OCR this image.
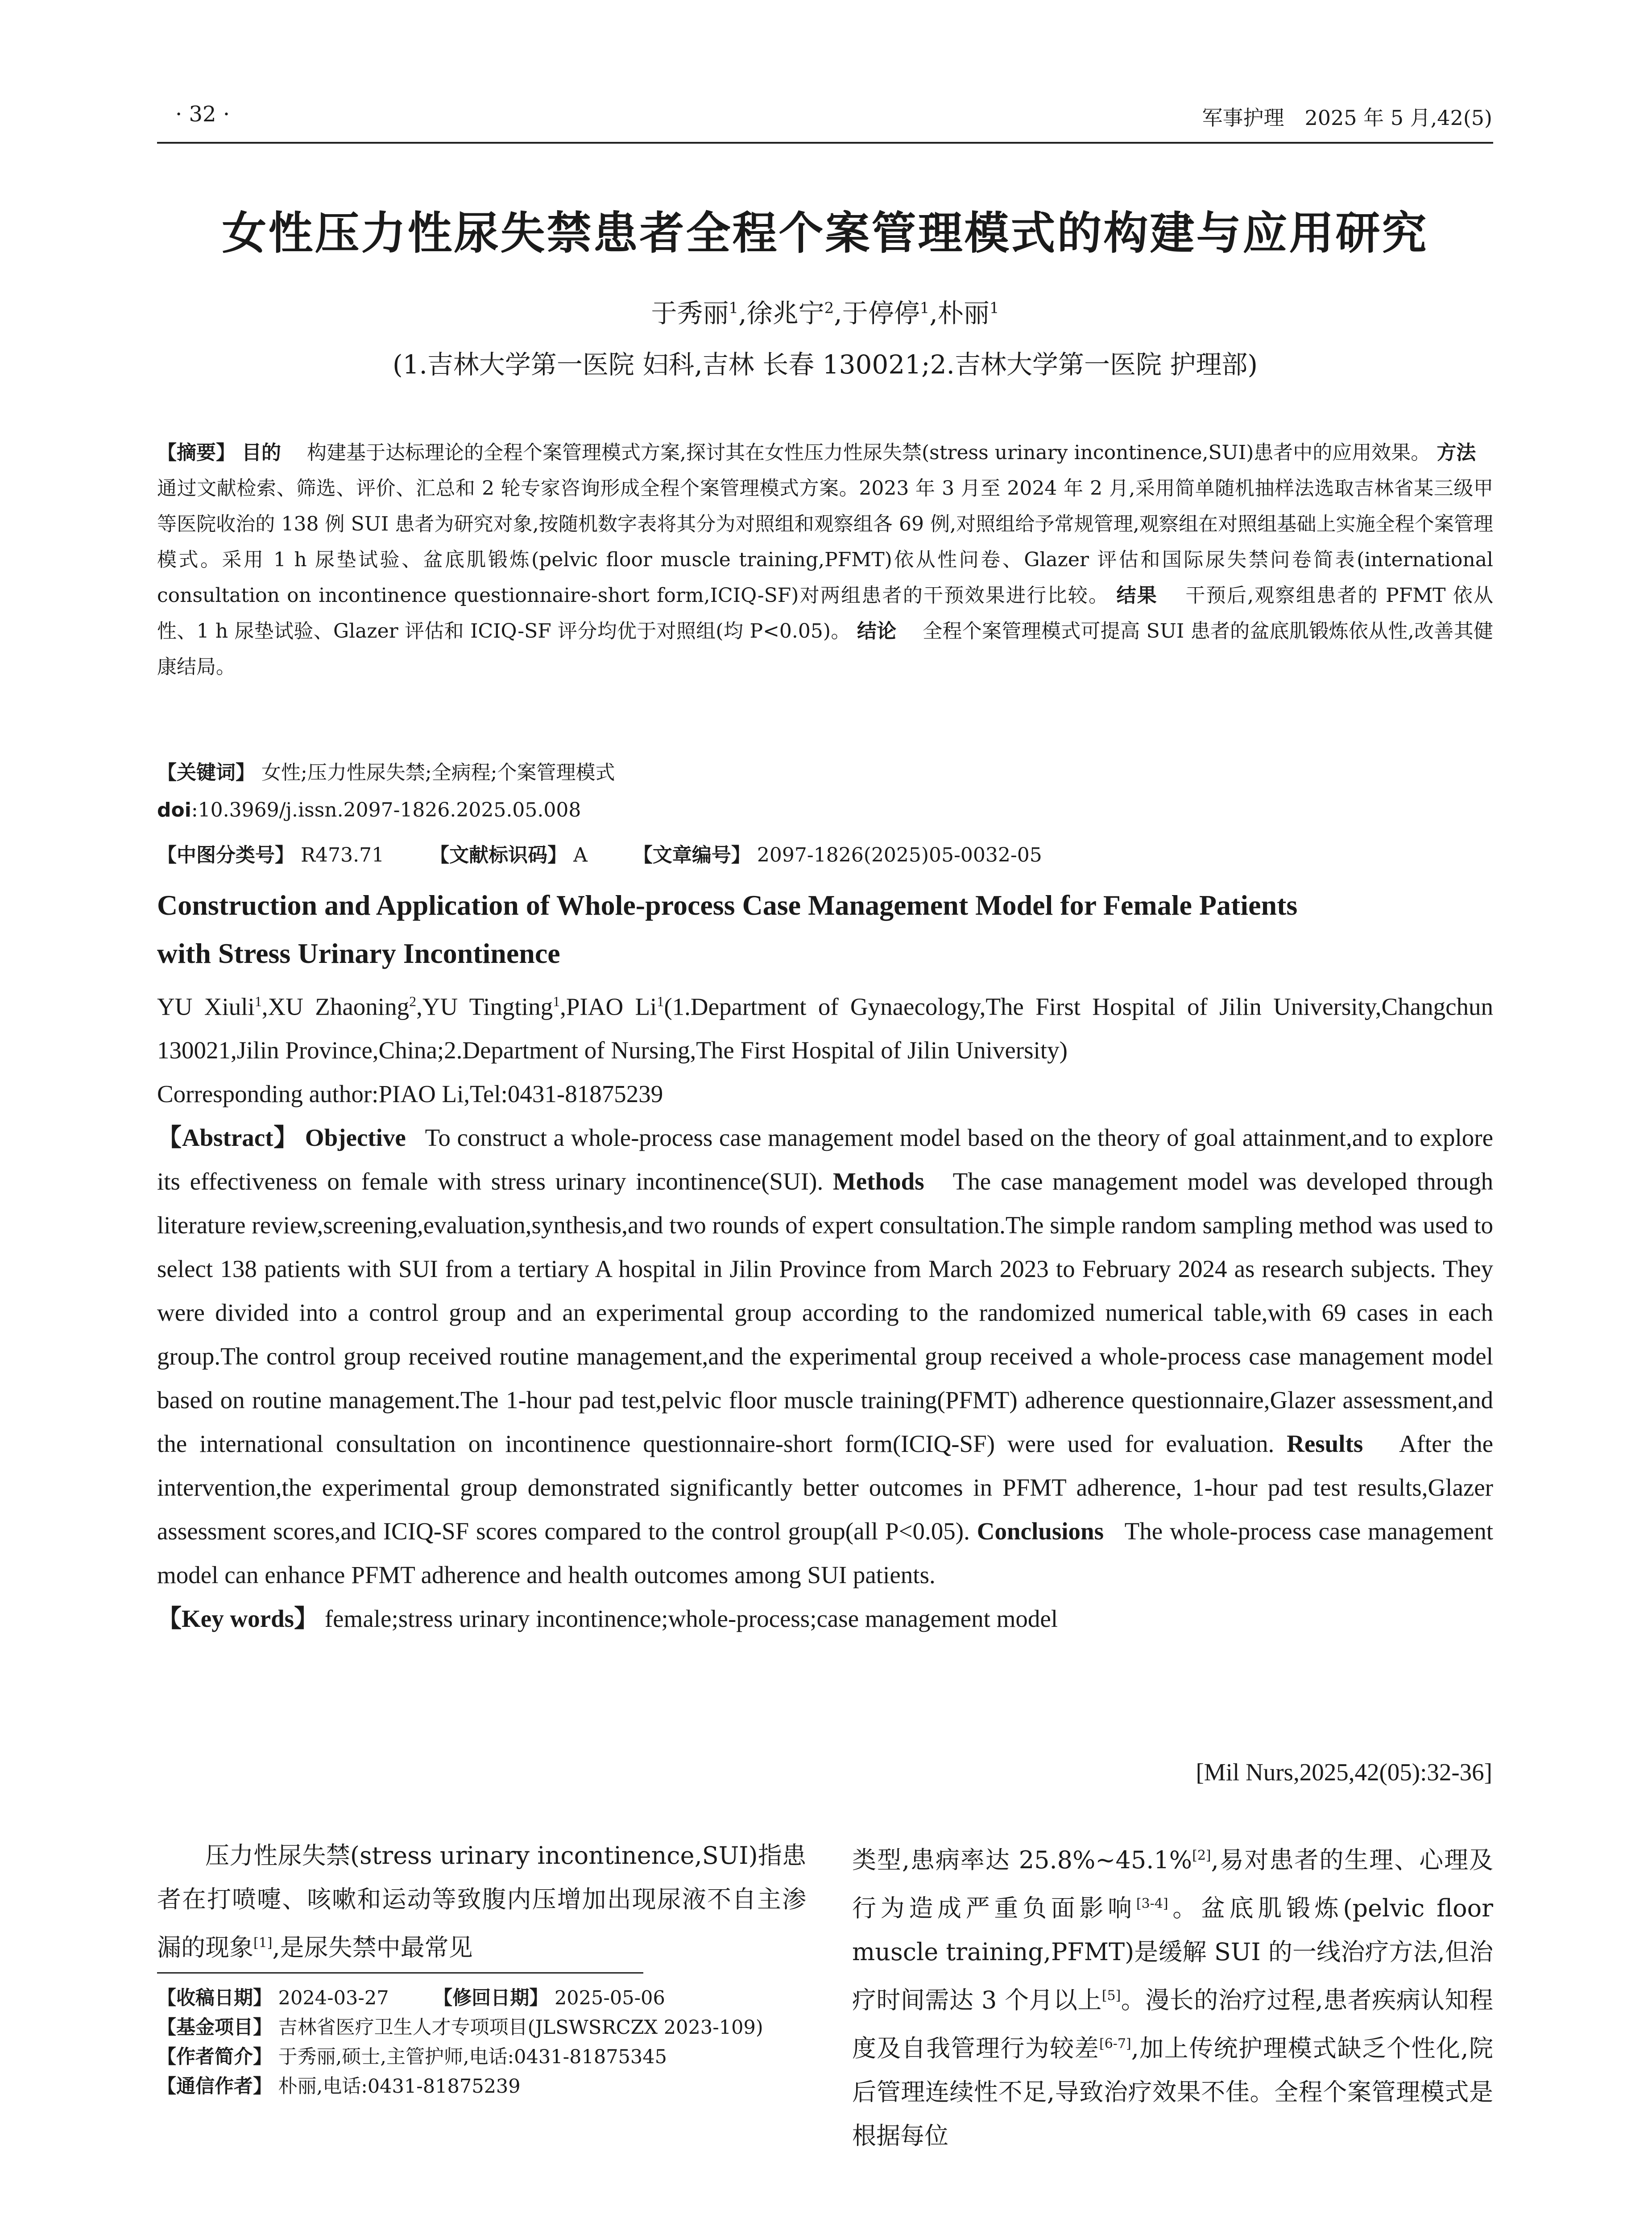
· 32 ·	军事护理　2025 年 5 月,42(5)
女性压力性尿失禁患者全程个案管理模式的构建与应用研究
于秀丽$^1$,徐兆宁$^2$,于停停$^1$,朴丽$^1$
(1.吉林大学第一医院 妇科,吉林 长春 130021;2.吉林大学第一医院 护理部)

【摘要】 目的　 构建基于达标理论的全程个案管理模式方案,探讨其在女性压力性尿失禁(stress urinary incontinence,SUI)患者中的应用效果。 方法　 通过文献检索、筛选、评价、汇总和 2 轮专家咨询形成全程个案管理模式方案。2023 年 3 月至 2024 年 2 月,采用简单随机抽样法选取吉林省某三级甲等医院收治的 138 例 SUI 患者为研究对象,按随机数字表将其分为对照组和观察组各 69 例,对照组给予常规管理,观察组在对照组基础上实施全程个案管理模式。采用 1 h 尿垫试验、盆底肌锻炼(pelvic floor muscle training,PFMT)依从性问卷、Glazer 评估和国际尿失禁问卷简表(international consultation on incontinence questionnaire-short form,ICIQ-SF)对两组患者的干预效果进行比较。 结果　 干预后,观察组患者的 PFMT 依从性、1 h 尿垫试验、Glazer 评估和 ICIQ-SF 评分均优于对照组(均 P<0.05)。 结论　 全程个案管理模式可提高 SUI 患者的盆底肌锻炼依从性,改善其健康结局。

【关键词】 女性;压力性尿失禁;全病程;个案管理模式
doi:10.3969/j.issn.2097-1826.2025.05.008
【中图分类号】 R473.71　　 【文献标识码】 A　　 【文章编号】 2097-1826(2025)05-0032-05
Construction and Application of Whole-process Case Management Model for Female Patients
with Stress Urinary Incontinence

YU Xiuli$^1$,XU Zhaoning$^2$,YU Tingting$^1$,PIAO Li$^1$(1.Department of Gynaecology,The First Hospital of Jilin University,Changchun 130021,Jilin Province,China;2.Department of Nursing,The First Hospital of Jilin University)

Corresponding author:PIAO Li,Tel:0431-81875239

【Abstract】 Objective To construct a whole-process case management model based on the theory of goal attainment,and to explore its effectiveness on female with stress urinary incontinence(SUI). Methods The case management model was developed through literature review,screening,evaluation,synthesis,and two rounds of expert consultation.The simple random sampling method was used to select 138 patients with SUI from a tertiary A hospital in Jilin Province from March 2023 to February 2024 as research subjects. They were divided into a control group and an experimental group according to the randomized numerical table,with 69 cases in each group.The control group received routine management,and the experimental group received a whole-process case management model based on routine management.The 1-hour pad test,pelvic floor muscle training(PFMT) adherence questionnaire,Glazer assessment,and the international consultation on incontinence questionnaire-short form(ICIQ-SF) were used for evaluation. Results After the intervention,the experimental group demonstrated significantly better outcomes in PFMT adherence, 1-hour pad test results,Glazer assessment scores,and ICIQ-SF scores compared to the control group(all P<0.05). Conclusions The whole-process case management model can enhance PFMT adherence and health outcomes among SUI patients.

【Key words】 female;stress urinary incontinence;whole-process;case management model

[Mil Nurs,2025,42(05):32-36]

压力性尿失禁(stress urinary incontinence,SUI)指患者在打喷嚏、咳嗽和运动等致腹内压增加出现尿液不自主渗漏的现象[1],是尿失禁中最常见

【收稿日期】 2024-03-27　　 【修回日期】 2025-05-06

【基金项目】 吉林省医疗卫生人才专项项目(JLSWSRCZX 2023-109)

【作者简介】 于秀丽,硕士,主管护师,电话:0431-81875345

【通信作者】 朴丽,电话:0431-81875239

类型,患病率达 25.8%~45.1%[2],易对患者的生理、心理及行为造成严重负面影响[3-4]。盆底肌锻炼(pelvic floor muscle training,PFMT)是缓解 SUI 的一线治疗方法,但治疗时间需达 3 个月以上[5]。漫长的治疗过程,患者疾病认知程度及自我管理行为较差[6-7],加上传统护理模式缺乏个性化,院后管理连续性不足,导致治疗效果不佳。全程个案管理模式是根据每位
